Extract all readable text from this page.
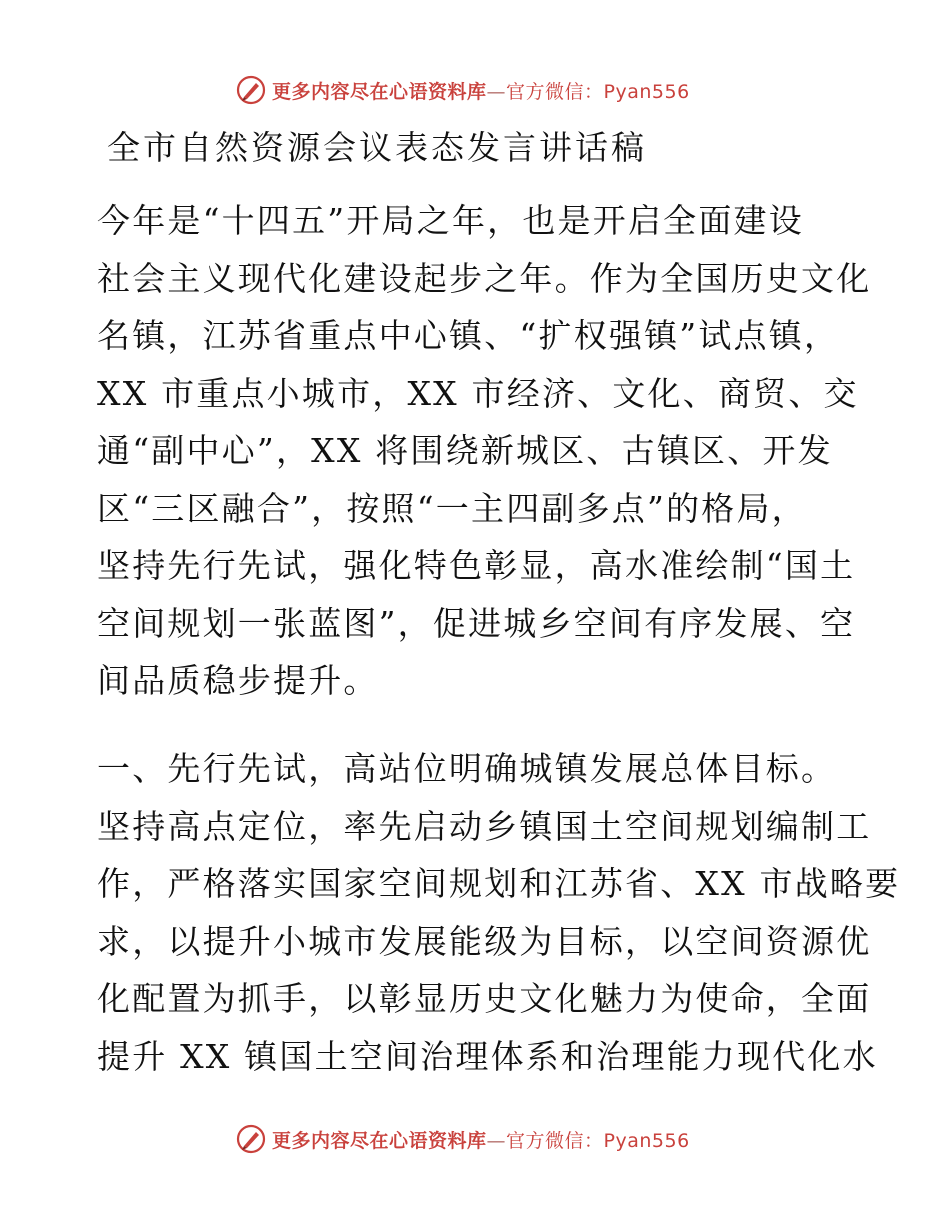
更多内容尽在心语资料库—官方微信：Pyan556
全市自然资源会议表态发言讲话稿
今年是“十四五”开局之年，也是开启全面建设
社会主义现代化建设起步之年。作为全国历史文化
名镇，江苏省重点中心镇、“扩权强镇”试点镇，
XX 市重点小城市，XX 市经济、文化、商贸、交
通“副中心”，XX 将围绕新城区、古镇区、开发
区“三区融合”，按照“一主四副多点”的格局，
坚持先行先试，强化特色彰显，高水准绘制“国土
空间规划一张蓝图”，促进城乡空间有序发展、空
间品质稳步提升。
一、先行先试，高站位明确城镇发展总体目标。
坚持高点定位，率先启动乡镇国土空间规划编制工
作，严格落实国家空间规划和江苏省、XX 市战略要
求，以提升小城市发展能级为目标，以空间资源优
化配置为抓手，以彰显历史文化魅力为使命，全面
提升 XX 镇国土空间治理体系和治理能力现代化水
更多内容尽在心语资料库—官方微信：Pyan556
